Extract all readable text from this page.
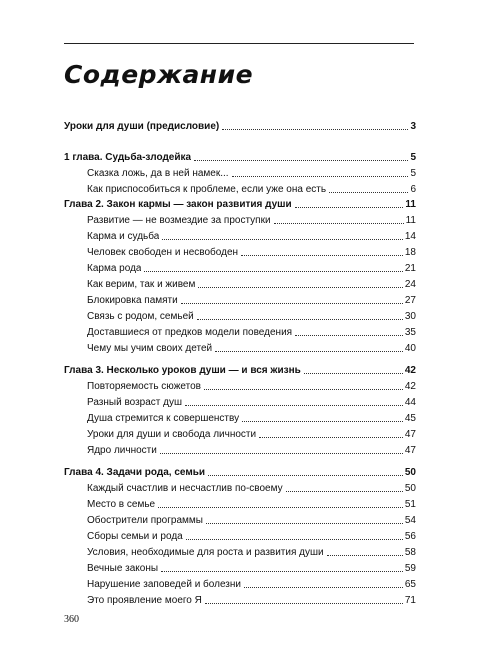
Содержание
Уроки для души (предисловие)	3
1 глава. Судьба-злодейка	5
Сказка ложь, да в ней намек...	5
Как приспособиться к проблеме, если уже она есть	6
Глава 2. Закон кармы — закон развития души	11
Развитие — не возмездие за проступки	11
Карма и судьба	14
Человек свободен и несвободен	18
Карма рода	21
Как верим, так и живем	24
Блокировка памяти	27
Связь с родом, семьей	30
Доставшиеся от предков модели поведения	35
Чему мы учим своих детей	40
Глава 3. Несколько уроков души — и вся жизнь	42
Повторяемость сюжетов	42
Разный возраст душ	44
Душа стремится к совершенству	45
Уроки для души и свобода личности	47
Ядро личности	47
Глава 4. Задачи рода, семьи	50
Каждый счастлив и несчастлив по-своему	50
Место в семье	51
Обострители программы	54
Сборы семьи и рода	56
Условия, необходимые для роста и развития души	58
Вечные законы	59
Нарушение заповедей и болезни	65
Это проявление моего Я	71
360
